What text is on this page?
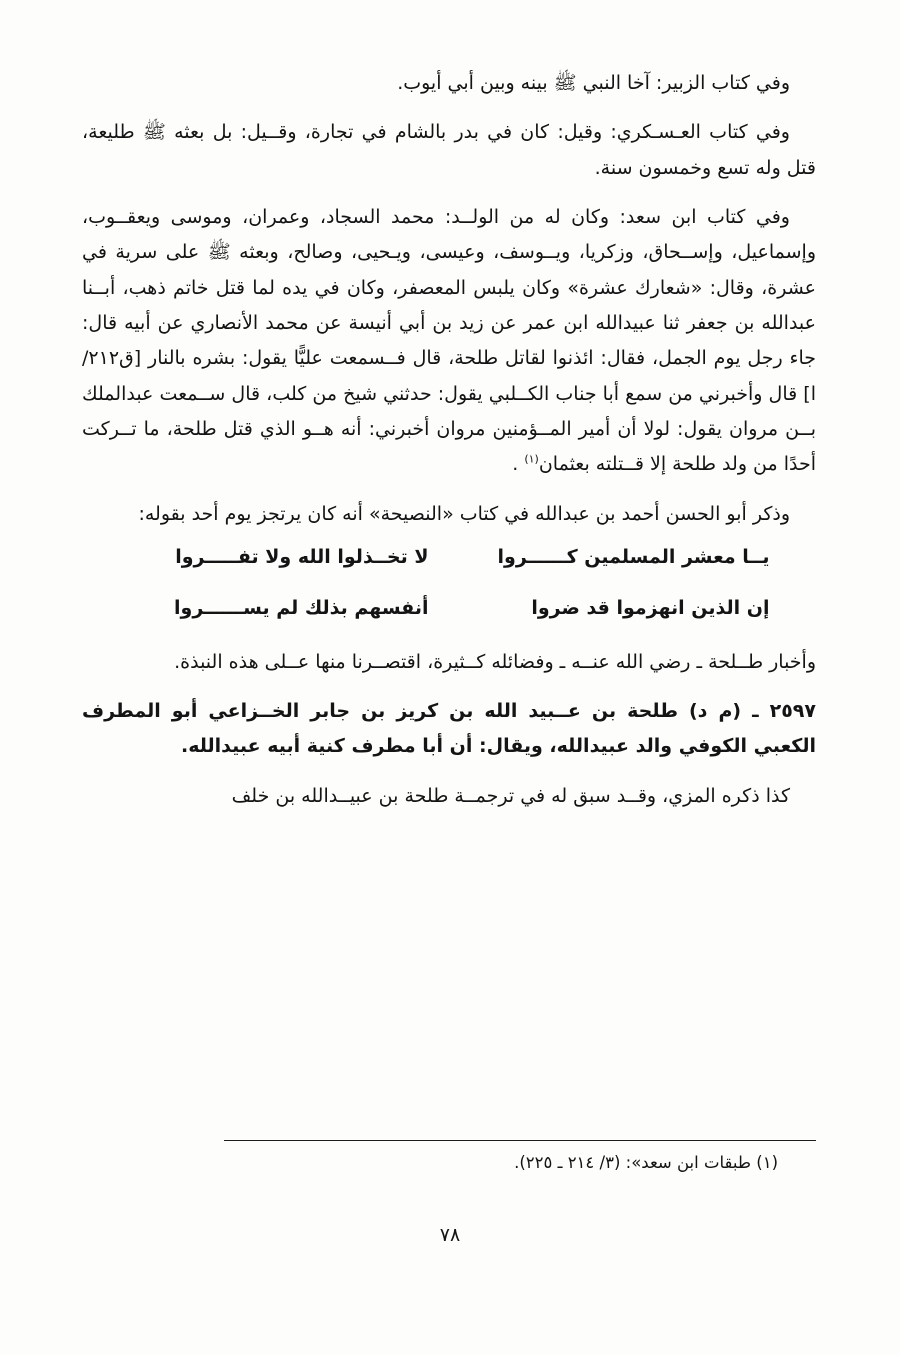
وفي كتاب الزبير: آخا النبي ﷺ بينه وبين أبي أيوب.

وفي كتاب العـسـكري: وقيل: كان في بدر بالشام في تجارة، وقــيل: بل بعثه ﷺ طليعة، قتل وله تسع وخمسون سنة.

وفي كتاب ابن سعد: وكان له من الولــد: محمد السجاد، وعمران، وموسى ويعقــوب، وإسماعيل، وإســحاق، وزكريا، ويــوسف، وعيسى، ويـحيى، وصالح، وبعثه ﷺ على سرية في عشرة، وقال: «شعارك عشرة» وكان يلبس المعصفر، وكان في يده لما قتل خاتم ذهب، أبــنا عبدالله بن جعفر ثنا عبيدالله ابن عمر عن زيد بن أبي أنيسة عن محمد الأنصاري عن أبيه قال: جاء رجل يوم الجمل، فقال: ائذنوا لقاتل طلحة، قال فــسمعت عليًّا يقول: بشره بالنار [ق٢١٢/ا] قال وأخبرني من سمع أبا جناب الكــلبي يقول: حدثني شيخ من كلب، قال ســمعت عبدالملك بــن مروان يقول: لولا أن أمير المــؤمنين مروان أخبرني: أنه هــو الذي قتل طلحة، ما تــركت أحدًا من ولد طلحة إلا قــتلته بعثمان$^{(١)}$ .

وذكر أبو الحسن أحمد بن عبدالله في كتاب «النصيحة» أنه كان يرتجز يوم أحد بقوله:

يــا معشر المسلمين كــــــروا
لا تخــذلوا الله ولا تفـــــروا
إن الذين انهزموا قد ضروا
أنفسهم بذلك لم يســــــروا

وأخبار طــلحة ـ رضي الله عنــه ـ وفضائله كــثيرة، اقتصــرنا منها عــلى هذه النبذة.

٢٥٩٧ ـ (م د) طلحة بن عــبيد الله بن كريز بن جابر الخــزاعي أبو المطرف الكعبي الكوفي والد عبيدالله، ويقال: أن أبا مطرف كنية أبيه عبيدالله.

كذا ذكره المزي، وقــد سبق له في ترجمــة طلحة بن عبيــدالله بن خلف

(١) طبقات ابن سعد»: (٣/ ٢١٤ ـ ٢٢٥).
٧٨
